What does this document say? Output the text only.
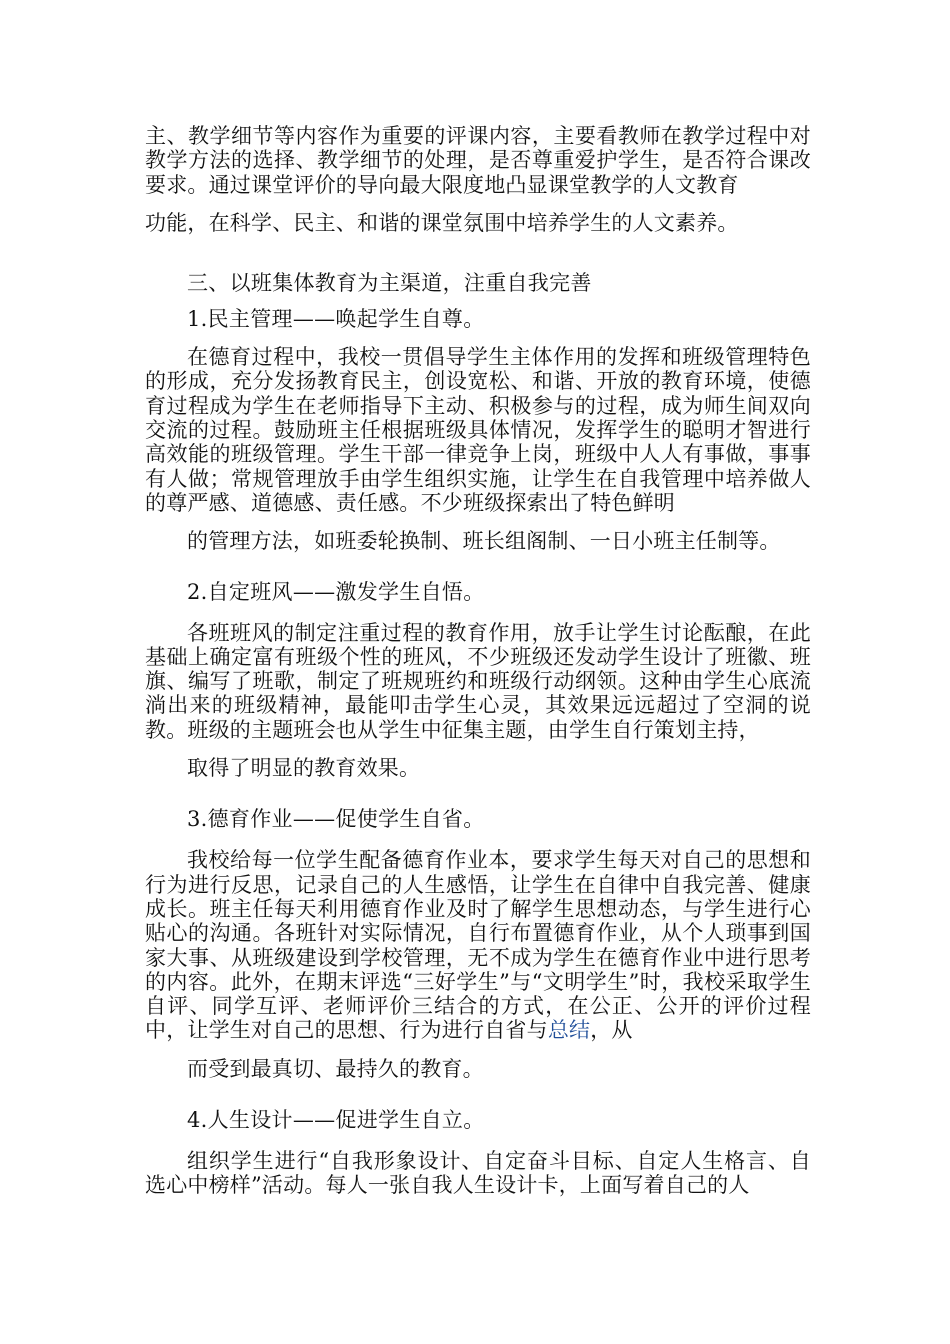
主、教学细节等内容作为重要的评课内容，主要看教师在教学过程中对教学方法的选择、教学细节的处理，是否尊重爱护学生，是否符合课改要求。通过课堂评价的导向最大限度地凸显课堂教学的人文教育
功能，在科学、民主、和谐的课堂氛围中培养学生的人文素养。

三、以班集体教育为主渠道，注重自我完善

1.民主管理——唤起学生自尊。

在德育过程中，我校一贯倡导学生主体作用的发挥和班级管理特色的形成，充分发扬教育民主，创设宽松、和谐、开放的教育环境，使德育过程成为学生在老师指导下主动、积极参与的过程，成为师生间双向交流的过程。鼓励班主任根据班级具体情况，发挥学生的聪明才智进行高效能的班级管理。学生干部一律竞争上岗，班级中人人有事做，事事有人做；常规管理放手由学生组织实施，让学生在自我管理中培养做人的尊严感、道德感、责任感。不少班级探索出了特色鲜明
的管理方法，如班委轮换制、班长组阁制、一日小班主任制等。

2.自定班风——激发学生自悟。

各班班风的制定注重过程的教育作用，放手让学生讨论酝酿，在此基础上确定富有班级个性的班风，不少班级还发动学生设计了班徽、班旗、编写了班歌，制定了班规班约和班级行动纲领。这种由学生心底流淌出来的班级精神，最能叩击学生心灵，其效果远远超过了空洞的说教。班级的主题班会也从学生中征集主题，由学生自行策划主持，
取得了明显的教育效果。

3.德育作业——促使学生自省。

我校给每一位学生配备德育作业本，要求学生每天对自己的思想和行为进行反思，记录自己的人生感悟，让学生在自律中自我完善、健康成长。班主任每天利用德育作业及时了解学生思想动态，与学生进行心贴心的沟通。各班针对实际情况，自行布置德育作业，从个人琐事到国家大事、从班级建设到学校管理，无不成为学生在德育作业中进行思考的内容。此外，在期末评选“三好学生”与“文明学生”时，我校采取学生自评、同学互评、老师评价三结合的方式，在公正、公开的评价过程中，让学生对自己的思想、行为进行自省与总结，从
而受到最真切、最持久的教育。

4.人生设计——促进学生自立。

组织学生进行“自我形象设计、自定奋斗目标、自定人生格言、自选心中榜样”活动。每人一张自我人生设计卡，上面写着自己的人
